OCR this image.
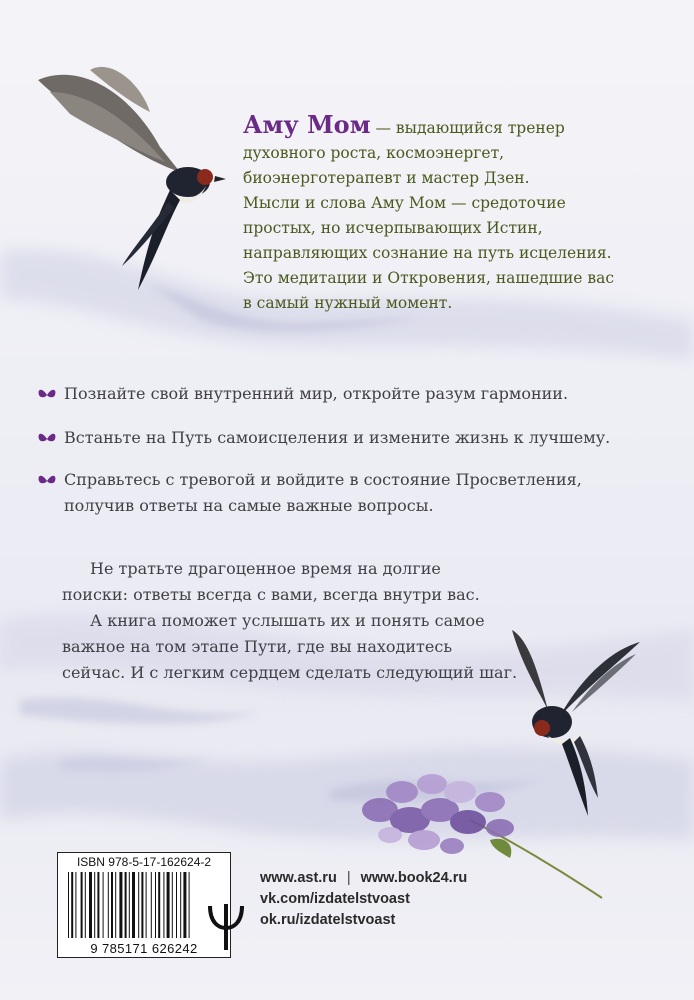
Аму Мом — выдающийся тренер
духовного роста, космоэнергет,
биоэнерготерапевт и мастер Дзен.
Мысли и слова Аму Мом — средоточие
простых, но исчерпывающих Истин,
направляющих сознание на путь исцеления.
Это медитации и Откровения, нашедшие вас
в самый нужный момент.
Познайте свой внутренний мир, откройте разум гармонии.
Встаньте на Путь самоисцеления и измените жизнь к лучшему.
Справьтесь с тревогой и войдите в состояние Просветления,
получив ответы на самые важные вопросы.

Не тратьте драгоценное время на долгие

поиски: ответы всегда с вами, всегда внутри вас.
А книга поможет услышать их и понять самое
важное на том этапе Пути, где вы находитесь
сейчас. И с легким сердцем сделать следующий шаг.
ISBN 978-5-17-162624-2
9 785171 626242
www.ast.ru | www.book24.ru
vk.com/izdatelstvoast
ok.ru/izdatelstvoast
